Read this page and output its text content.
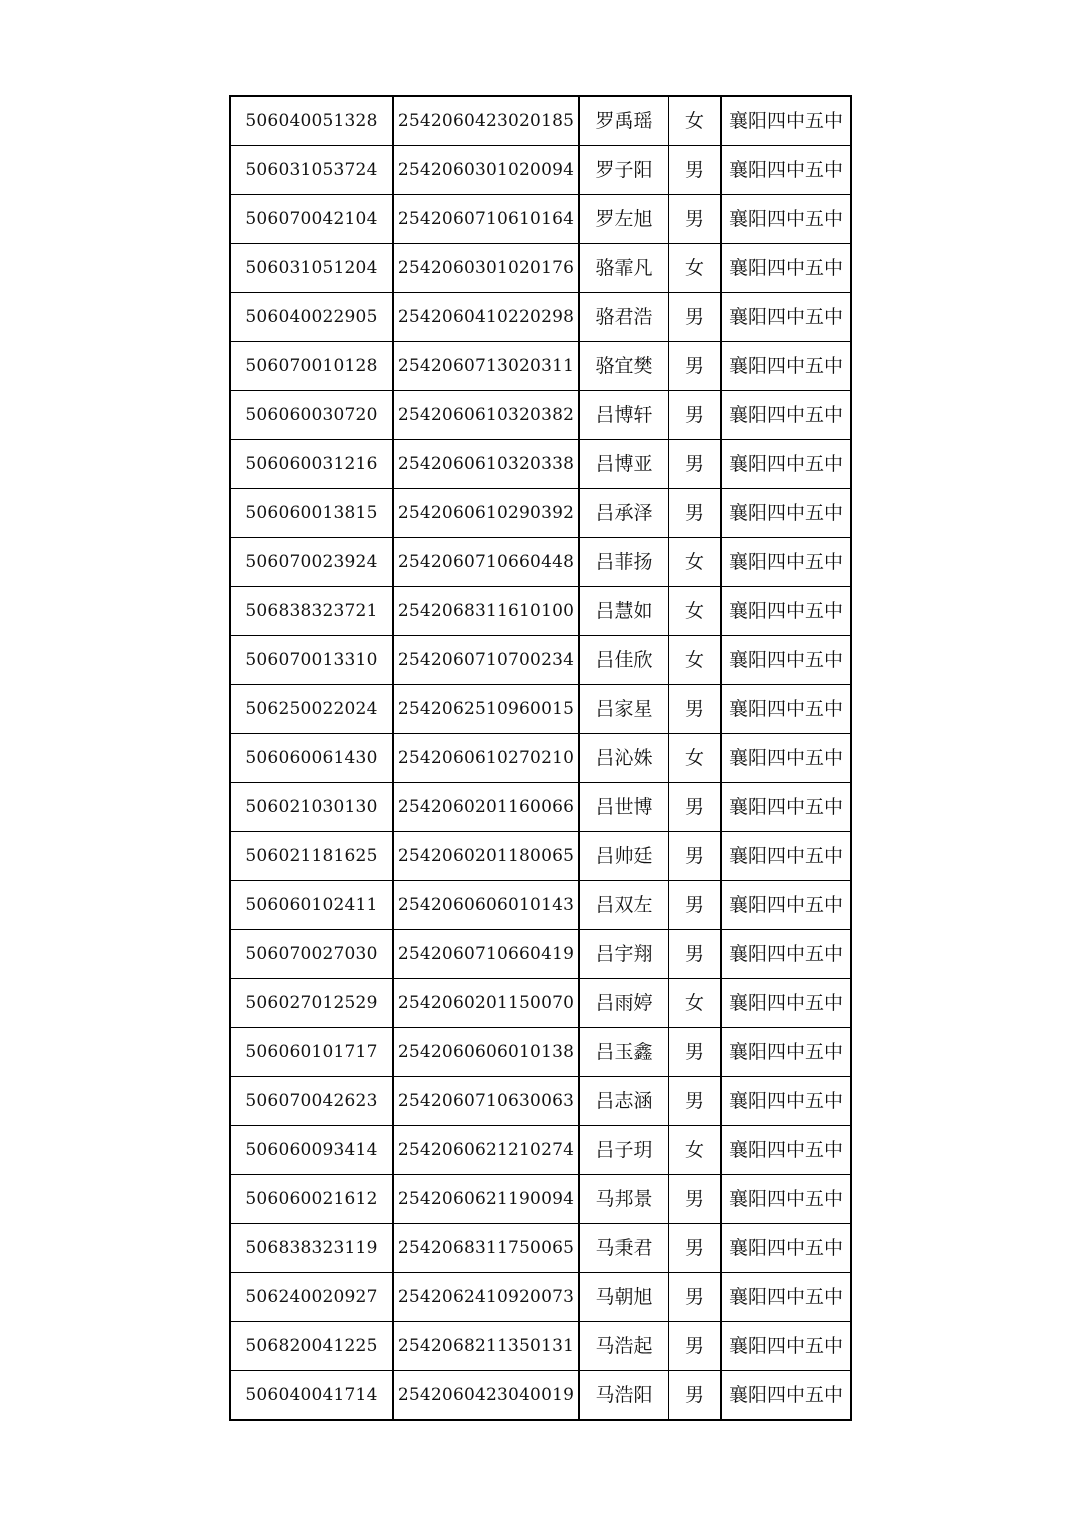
506040051328	2542060423020185	罗禹瑶	女	襄阳四中五中
506031053724	2542060301020094	罗子阳	男	襄阳四中五中
506070042104	2542060710610164	罗左旭	男	襄阳四中五中
506031051204	2542060301020176	骆霏凡	女	襄阳四中五中
506040022905	2542060410220298	骆君浩	男	襄阳四中五中
506070010128	2542060713020311	骆宜樊	男	襄阳四中五中
506060030720	2542060610320382	吕博轩	男	襄阳四中五中
506060031216	2542060610320338	吕博亚	男	襄阳四中五中
506060013815	2542060610290392	吕承泽	男	襄阳四中五中
506070023924	2542060710660448	吕菲扬	女	襄阳四中五中
506838323721	2542068311610100	吕慧如	女	襄阳四中五中
506070013310	2542060710700234	吕佳欣	女	襄阳四中五中
506250022024	2542062510960015	吕家星	男	襄阳四中五中
506060061430	2542060610270210	吕沁姝	女	襄阳四中五中
506021030130	2542060201160066	吕世博	男	襄阳四中五中
506021181625	2542060201180065	吕帅廷	男	襄阳四中五中
506060102411	2542060606010143	吕双左	男	襄阳四中五中
506070027030	2542060710660419	吕宇翔	男	襄阳四中五中
506027012529	2542060201150070	吕雨婷	女	襄阳四中五中
506060101717	2542060606010138	吕玉鑫	男	襄阳四中五中
506070042623	2542060710630063	吕志涵	男	襄阳四中五中
506060093414	2542060621210274	吕子玥	女	襄阳四中五中
506060021612	2542060621190094	马邦景	男	襄阳四中五中
506838323119	2542068311750065	马秉君	男	襄阳四中五中
506240020927	2542062410920073	马朝旭	男	襄阳四中五中
506820041225	2542068211350131	马浩起	男	襄阳四中五中
506040041714	2542060423040019	马浩阳	男	襄阳四中五中
